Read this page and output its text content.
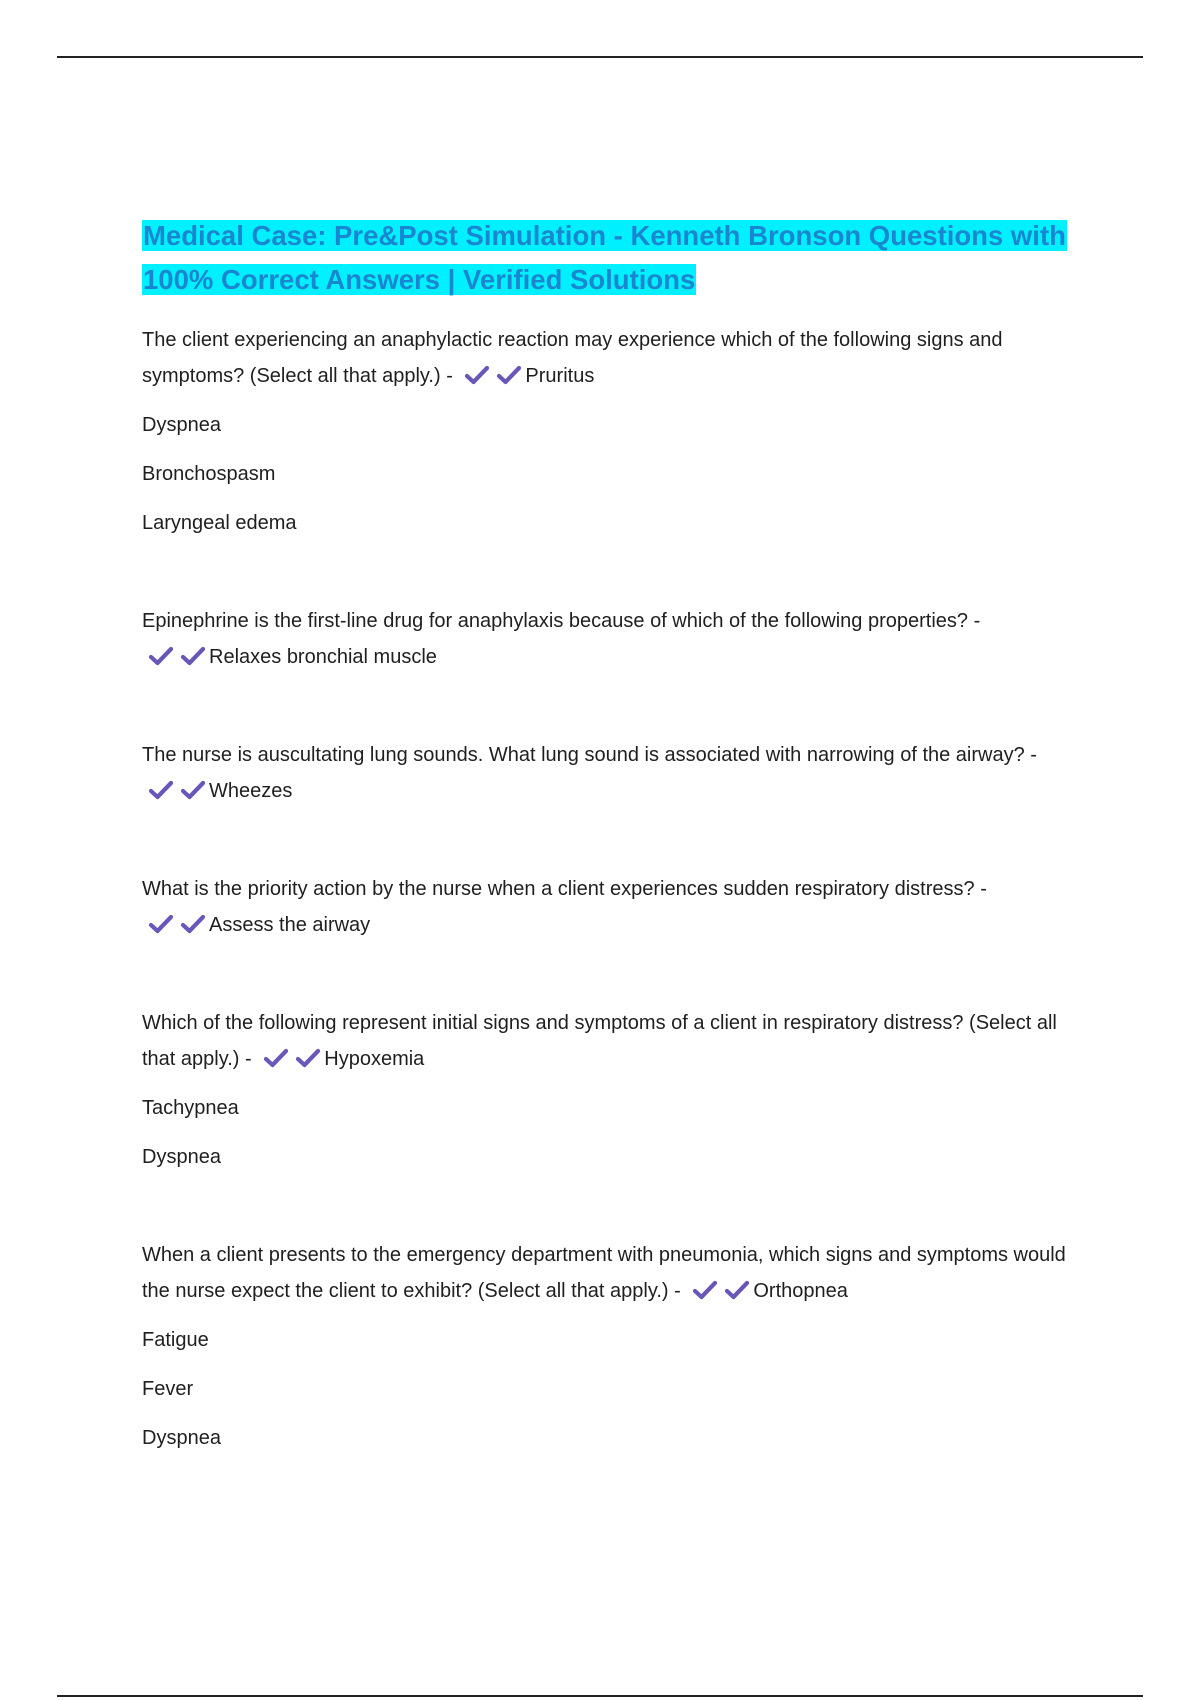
Medical Case: Pre&Post Simulation - Kenneth Bronson Questions with 100% Correct Answers | Verified Solutions

The client experiencing an anaphylactic reaction may experience which of the following signs and symptoms? (Select all that apply.) -	Pruritus

Dyspnea

Bronchospasm

Laryngeal edema

Epinephrine is the first-line drug for anaphylaxis because of which of the following properties? -
Relaxes bronchial muscle

The nurse is auscultating lung sounds. What lung sound is associated with narrowing of the airway? -
Wheezes

What is the priority action by the nurse when a client experiences sudden respiratory distress? -
Assess the airway

Which of the following represent initial signs and symptoms of a client in respiratory distress? (Select all that apply.) -	Hypoxemia

Tachypnea

Dyspnea

When a client presents to the emergency department with pneumonia, which signs and symptoms would the nurse expect the client to exhibit? (Select all that apply.) -	Orthopnea

Fatigue

Fever

Dyspnea
